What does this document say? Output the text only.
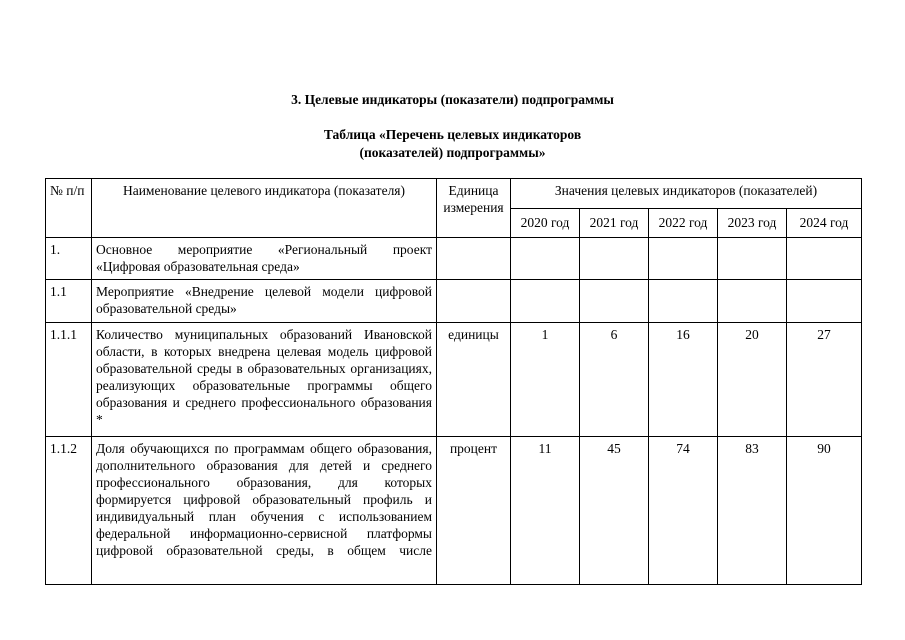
3. Целевые индикаторы (показатели) подпрограммы
Таблица «Перечень целевых индикаторов
(показателей) подпрограммы»
№ п/п	Наименование целевого индикатора (показателя)	Единица измерения	Значения целевых индикаторов (показателей)				
			2020 год	2021 год	2022 год	2023 год	2024 год
1.	Основное мероприятие «Региональный проект «Цифровая образовательная среда»						
1.1	Мероприятие «Внедрение целевой модели цифровой образовательной среды»						
1.1.1	Количество муниципальных образований Ивановской области, в которых внедрена целевая модель цифровой образовательной среды в образовательных организациях, реализующих образовательные программы общего образования и среднего профессионального образования *	единицы	1	6	16	20	27
1.1.2	Доля обучающихся по программам общего образования, дополнительного образования для детей и среднего профессионального образования, для которых формируется цифровой образовательный профиль и индивидуальный план обучения с использованием федеральной информационно-сервисной платформы цифровой образовательной среды, в общем числе	процент	11	45	74	83	90
